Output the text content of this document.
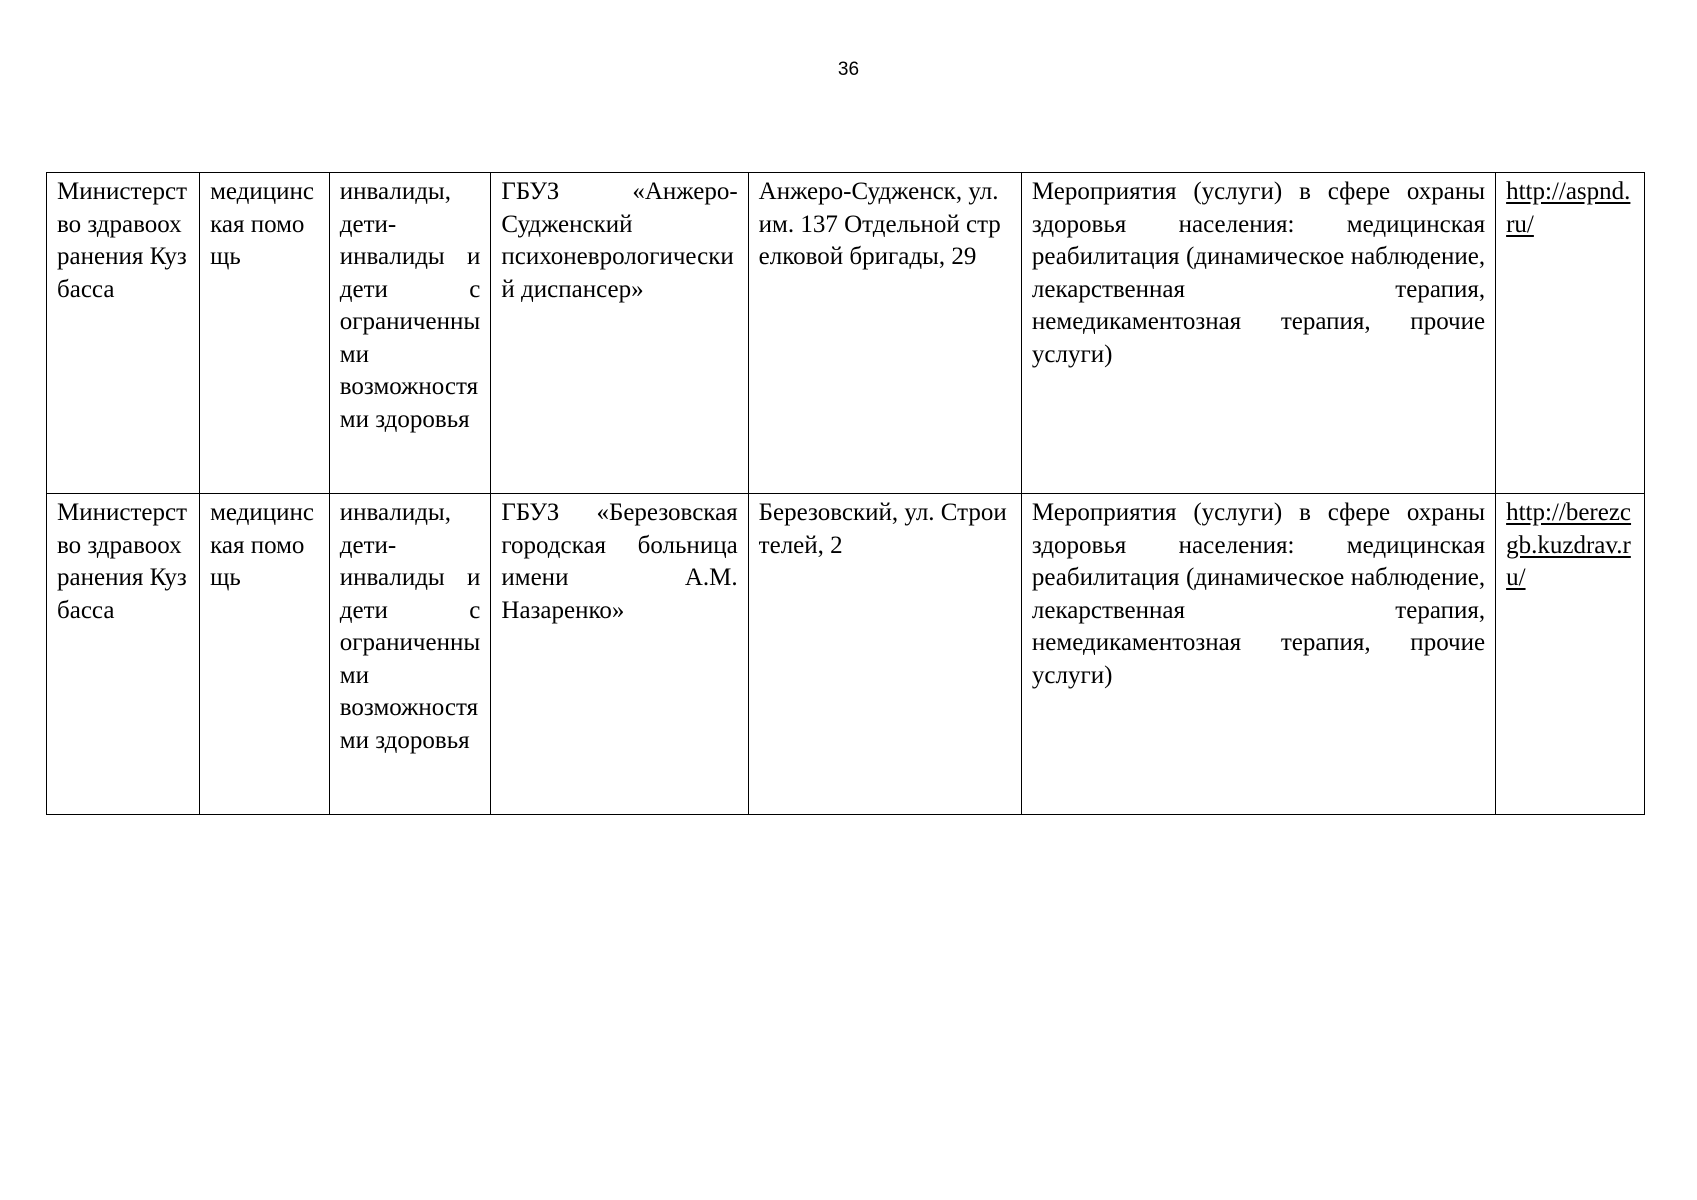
36
Министерство здравоохранения Кузбасса	медицинская помощь	инвалиды, дети-инвалиды и дети с ограниченными возможностями здоровья	ГБУЗ «Анжеро-Судженский психоневрологический диспансер»	Анжеро-Судженск, ул. им. 137 Отдельной стрелковой бригады, 29	Мероприятия (услуги) в сфере охраны здоровья населения: медицинская реабилитация (динамическое наблюдение, лекарственная терапия, немедикаментозная терапия, прочие услуги)	http://aspnd.ru/
Министерство здравоохранения Кузбасса	медицинская помощь	инвалиды, дети-инвалиды и дети с ограниченными возможностями здоровья	ГБУЗ «Березовская городская больница имени А.М. Назаренко»	Березовский, ул. Строителей, 2	Мероприятия (услуги) в сфере охраны здоровья населения: медицинская реабилитация (динамическое наблюдение, лекарственная терапия, немедикаментозная терапия, прочие услуги)	http://berezcgb.kuzdrav.ru/
